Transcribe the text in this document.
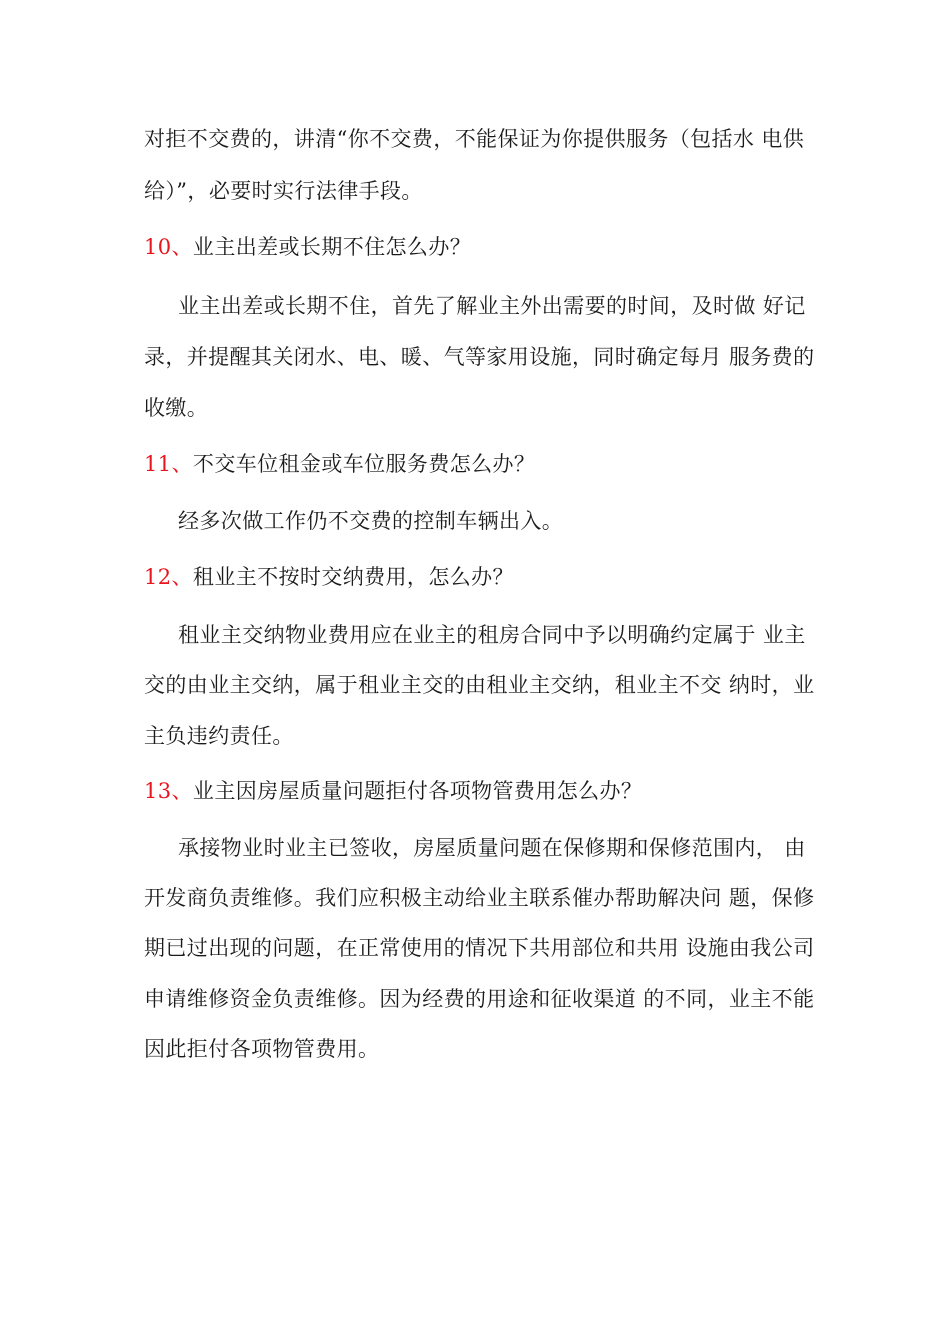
对拒不交费的，讲清“你不交费，不能保证为你提供服务（包括水 电供
给）”，必要时实行法律手段。
10、业主出差或长期不住怎么办？
业主出差或长期不住，首先了解业主外出需要的时间，及时做 好记
录，并提醒其关闭水、电、暖、气等家用设施，同时确定每月 服务费的
收缴。
11、不交车位租金或车位服务费怎么办？
经多次做工作仍不交费的控制车辆出入。
12、租业主不按时交纳费用，怎么办？
租业主交纳物业费用应在业主的租房合同中予以明确约定属于 业主
交的由业主交纳，属于租业主交的由租业主交纳，租业主不交 纳时，业
主负违约责任。
13、业主因房屋质量问题拒付各项物管费用怎么办？
承接物业时业主已签收，房屋质量问题在保修期和保修范围内， 由
开发商负责维修。我们应积极主动给业主联系催办帮助解决问 题，保修
期已过出现的问题，在正常使用的情况下共用部位和共用 设施由我公司
申请维修资金负责维修。因为经费的用途和征收渠道 的不同，业主不能
因此拒付各项物管费用。
